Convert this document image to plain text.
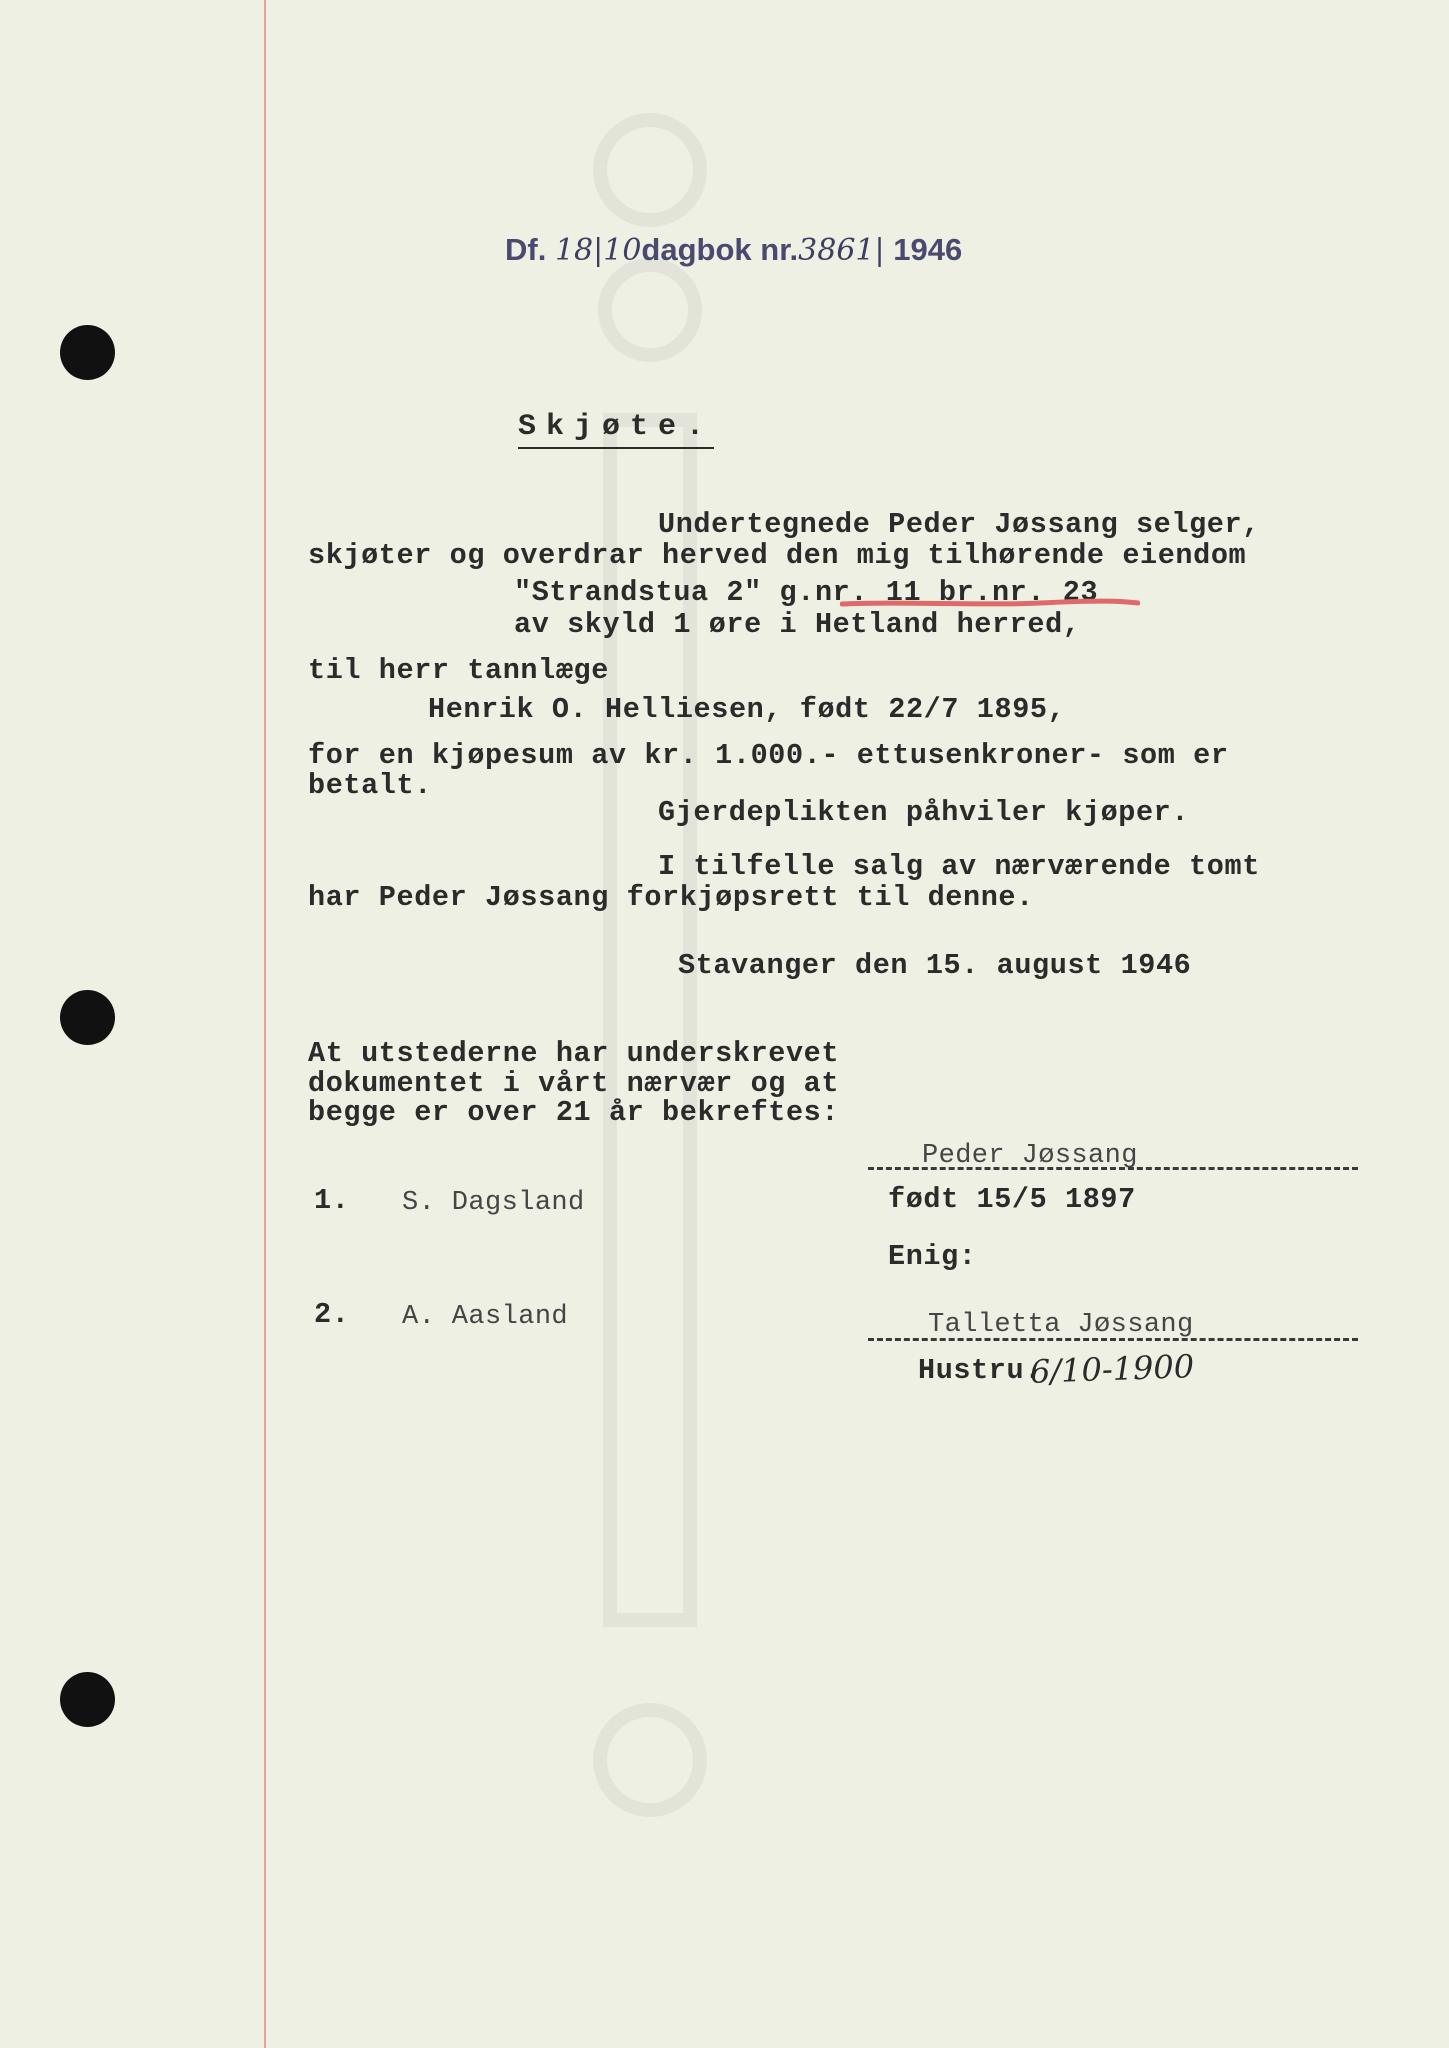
Df. 18|10dagbok nr.3861| 1946
Skjøte.
Undertegnede Peder Jøssang selger,
skjøter og overdrar herved den mig tilhørende eiendom
"Strandstua 2" g.nr. 11 br.nr. 23
av skyld 1 øre i Hetland herred,
til herr tannlæge
Henrik O. Helliesen, født 22/7 1895,
for en kjøpesum av kr. 1.000.- ettusenkroner- som er
betalt.
Gjerdeplikten påhviler kjøper.
I tilfelle salg av nærværende tomt
har Peder Jøssang forkjøpsrett til denne.
Stavanger den 15. august 1946
At utstederne har underskrevet
dokumentet i vårt nærvær og at
begge er over 21 år bekreftes:
1. S. Dagsland
2. A. Aasland
Peder Jøssang
født 15/5 1897
Enig:
Talletta Jøssang
Hustru.
6/10-1900
